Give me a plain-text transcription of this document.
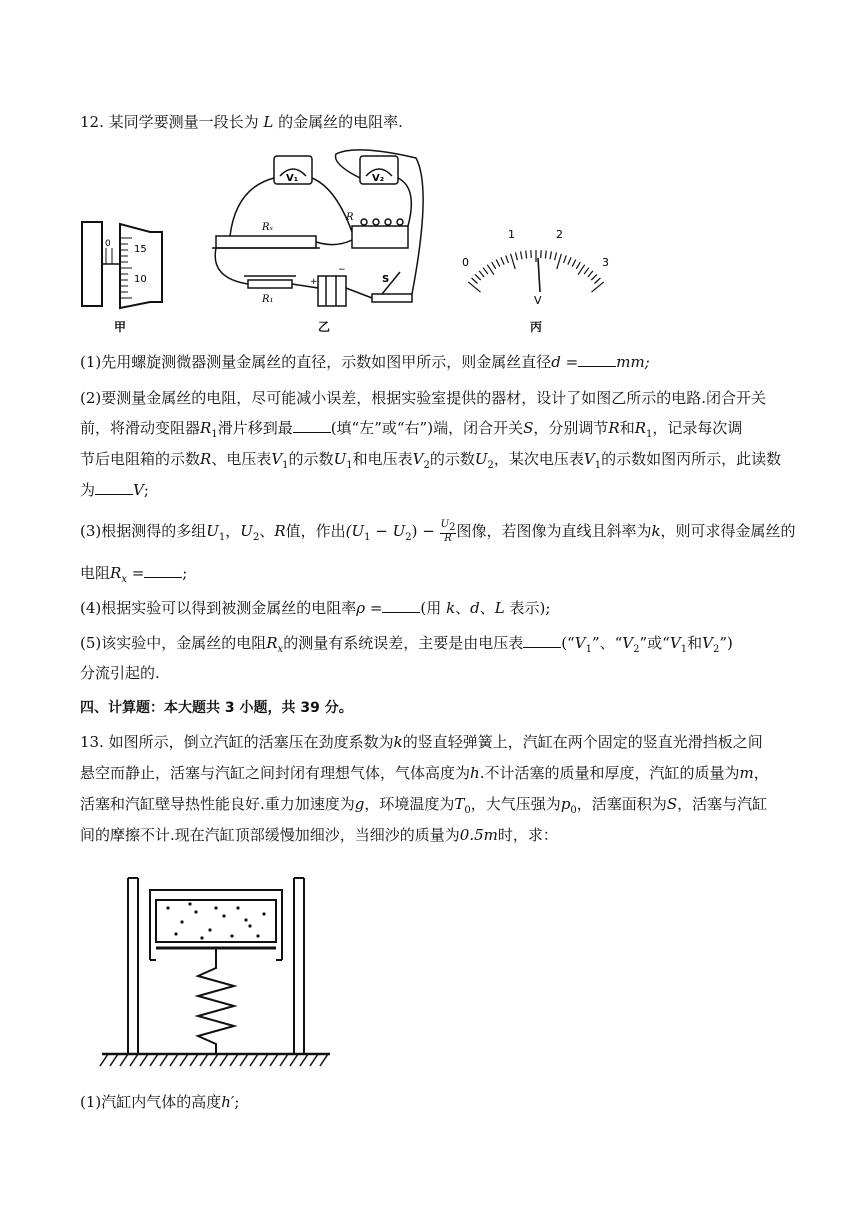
12. 某同学要测量一段长为 L 的金属丝的电阻率.
15
10
0
甲
V₁	V₂
Rₓ
R
R₁
S
+
−
乙
0
1	2
3
V
丙
(1)先用螺旋测微器测量金属丝的直径，示数如图甲所示，则金属丝直径d =	mm;
(2)要测量金属丝的电阻，尽可能减小误差，根据实验室提供的器材，设计了如图乙所示的电路.闭合开关
前，将滑动变阻器$R_1$滑片移到最	(填“左”或“右”)端，闭合开关S，分别调节R和$R_1$，记录每次调
节后电阻箱的示数R、电压表$V_1$的示数$U_1$和电压表$V_2$的示数$U_2$，某次电压表$V_1$的示数如图丙所示，此读数
为	V;
(3)根据测得的多组$U_1$，$U_2$、R值，作出$(U_1 - U_2) - \frac{U_2}{R}$ 图像，若图像为直线且斜率为k，则可求得金属丝的
电阻$R_x$ =	;
(4)根据实验可以得到被测金属丝的电阻率ρ =	(用 k、d、L 表示);
(5)该实验中，金属丝的电阻$R_x$的测量有系统误差，主要是由电压表	(“$V_1$”、“$V_2$”或“$V_1$和$V_2$”)
分流引起的.
四、计算题：本大题共 3 小题，共 39 分。
13. 如图所示，倒立汽缸的活塞压在劲度系数为k的竖直轻弹簧上，汽缸在两个固定的竖直光滑挡板之间
悬空而静止，活塞与汽缸之间封闭有理想气体，气体高度为h.不计活塞的质量和厚度，汽缸的质量为m，
活塞和汽缸壁导热性能良好.重力加速度为g，环境温度为$T_0$，大气压强为$p_0$，活塞面积为S，活塞与汽缸
间的摩擦不计.现在汽缸顶部缓慢加细沙，当细沙的质量为0.5m时，求：
(1)汽缸内气体的高度h′;
